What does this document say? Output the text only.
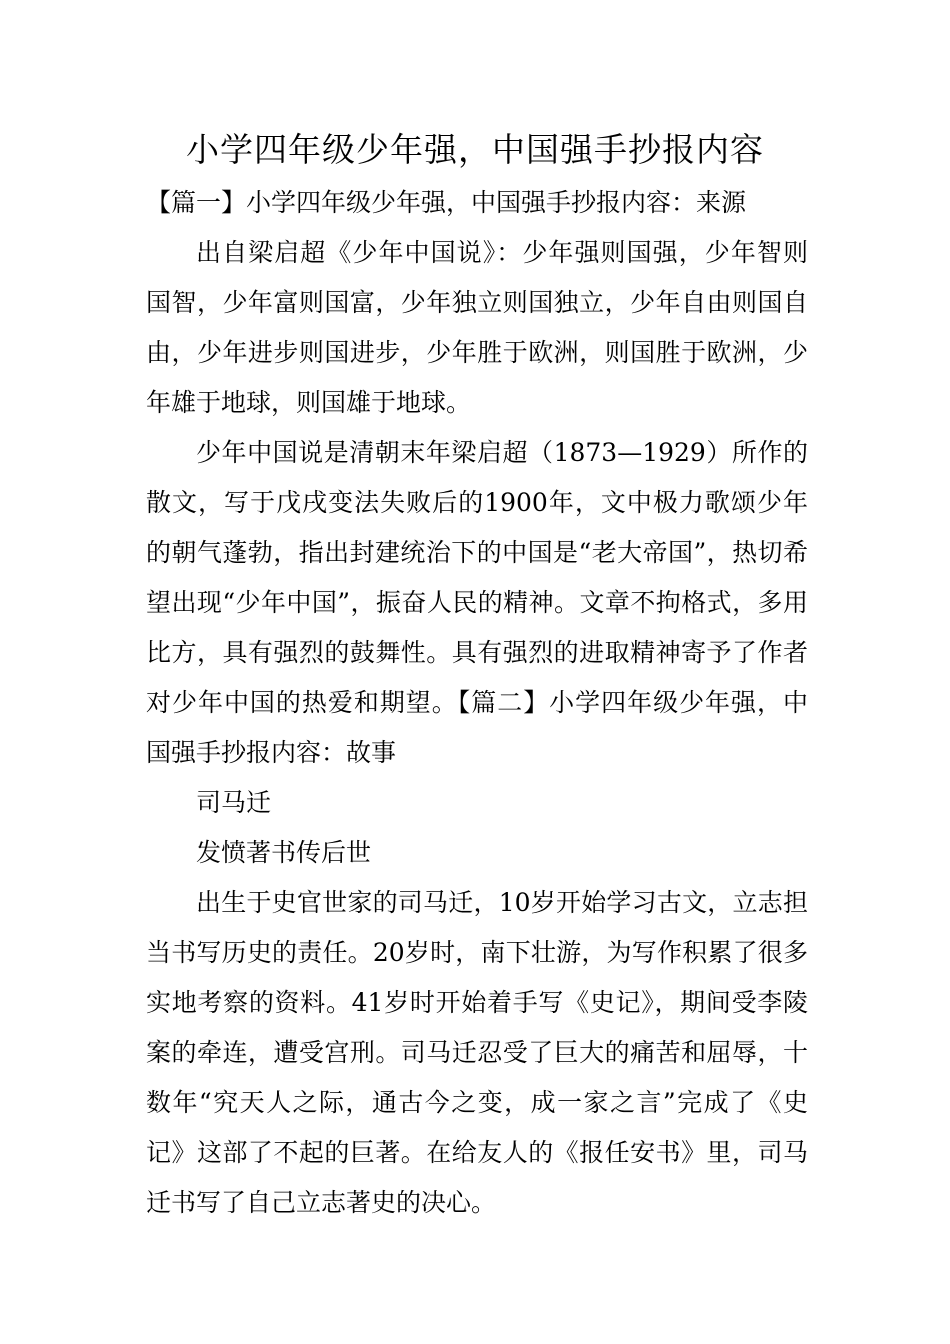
小学四年级少年强，中国强手抄报内容

【篇一】小学四年级少年强，中国强手抄报内容：来源

出自梁启超《少年中国说》：少年强则国强，少年智则国智，少年富则国富，少年独立则国独立，少年自由则国自由，少年进步则国进步，少年胜于欧洲，则国胜于欧洲，少年雄于地球，则国雄于地球。

少年中国说是清朝末年梁启超（1873—1929）所作的散文，写于戊戌变法失败后的1900年，文中极力歌颂少年的朝气蓬勃，指出封建统治下的中国是“老大帝国”，热切希望出现“少年中国”，振奋人民的精神。文章不拘格式，多用比方，具有强烈的鼓舞性。具有强烈的进取精神寄予了作者对少年中国的热爱和期望。【篇二】小学四年级少年强，中国强手抄报内容：故事

司马迁

发愤著书传后世

出生于史官世家的司马迁，10岁开始学习古文，立志担当书写历史的责任。20岁时，南下壮游，为写作积累了很多实地考察的资料。41岁时开始着手写《史记》，期间受李陵案的牵连，遭受宫刑。司马迁忍受了巨大的痛苦和屈辱，十数年“究天人之际，通古今之变，成一家之言”完成了《史记》这部了不起的巨著。在给友人的《报任安书》里，司马迁书写了自己立志著史的决心。
